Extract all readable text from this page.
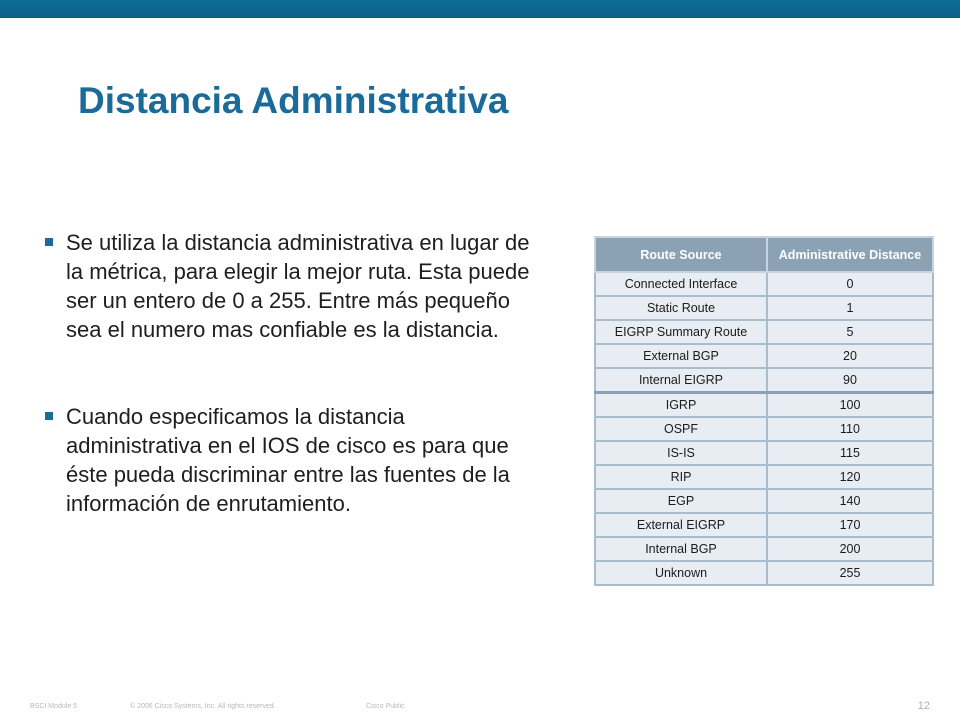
Distancia Administrativa
Se utiliza la distancia administrativa en lugar de la métrica, para elegir la mejor ruta. Esta puede ser un entero de 0 a 255. Entre más pequeño sea el numero mas confiable es la distancia.
Cuando especificamos la distancia administrativa en el IOS de cisco es para que éste pueda discriminar entre las fuentes de la información de enrutamiento.
Route Source	Administrative Distance
Connected Interface	0
Static Route	1
EIGRP Summary Route	5
External BGP	20
Internal EIGRP	90
IGRP	100
OSPF	110
IS-IS	115
RIP	120
EGP	140
External EIGRP	170
Internal BGP	200
Unknown	255
BSCI Module 5	© 2006 Cisco Systems, Inc. All rights reserved.	Cisco Public	12
